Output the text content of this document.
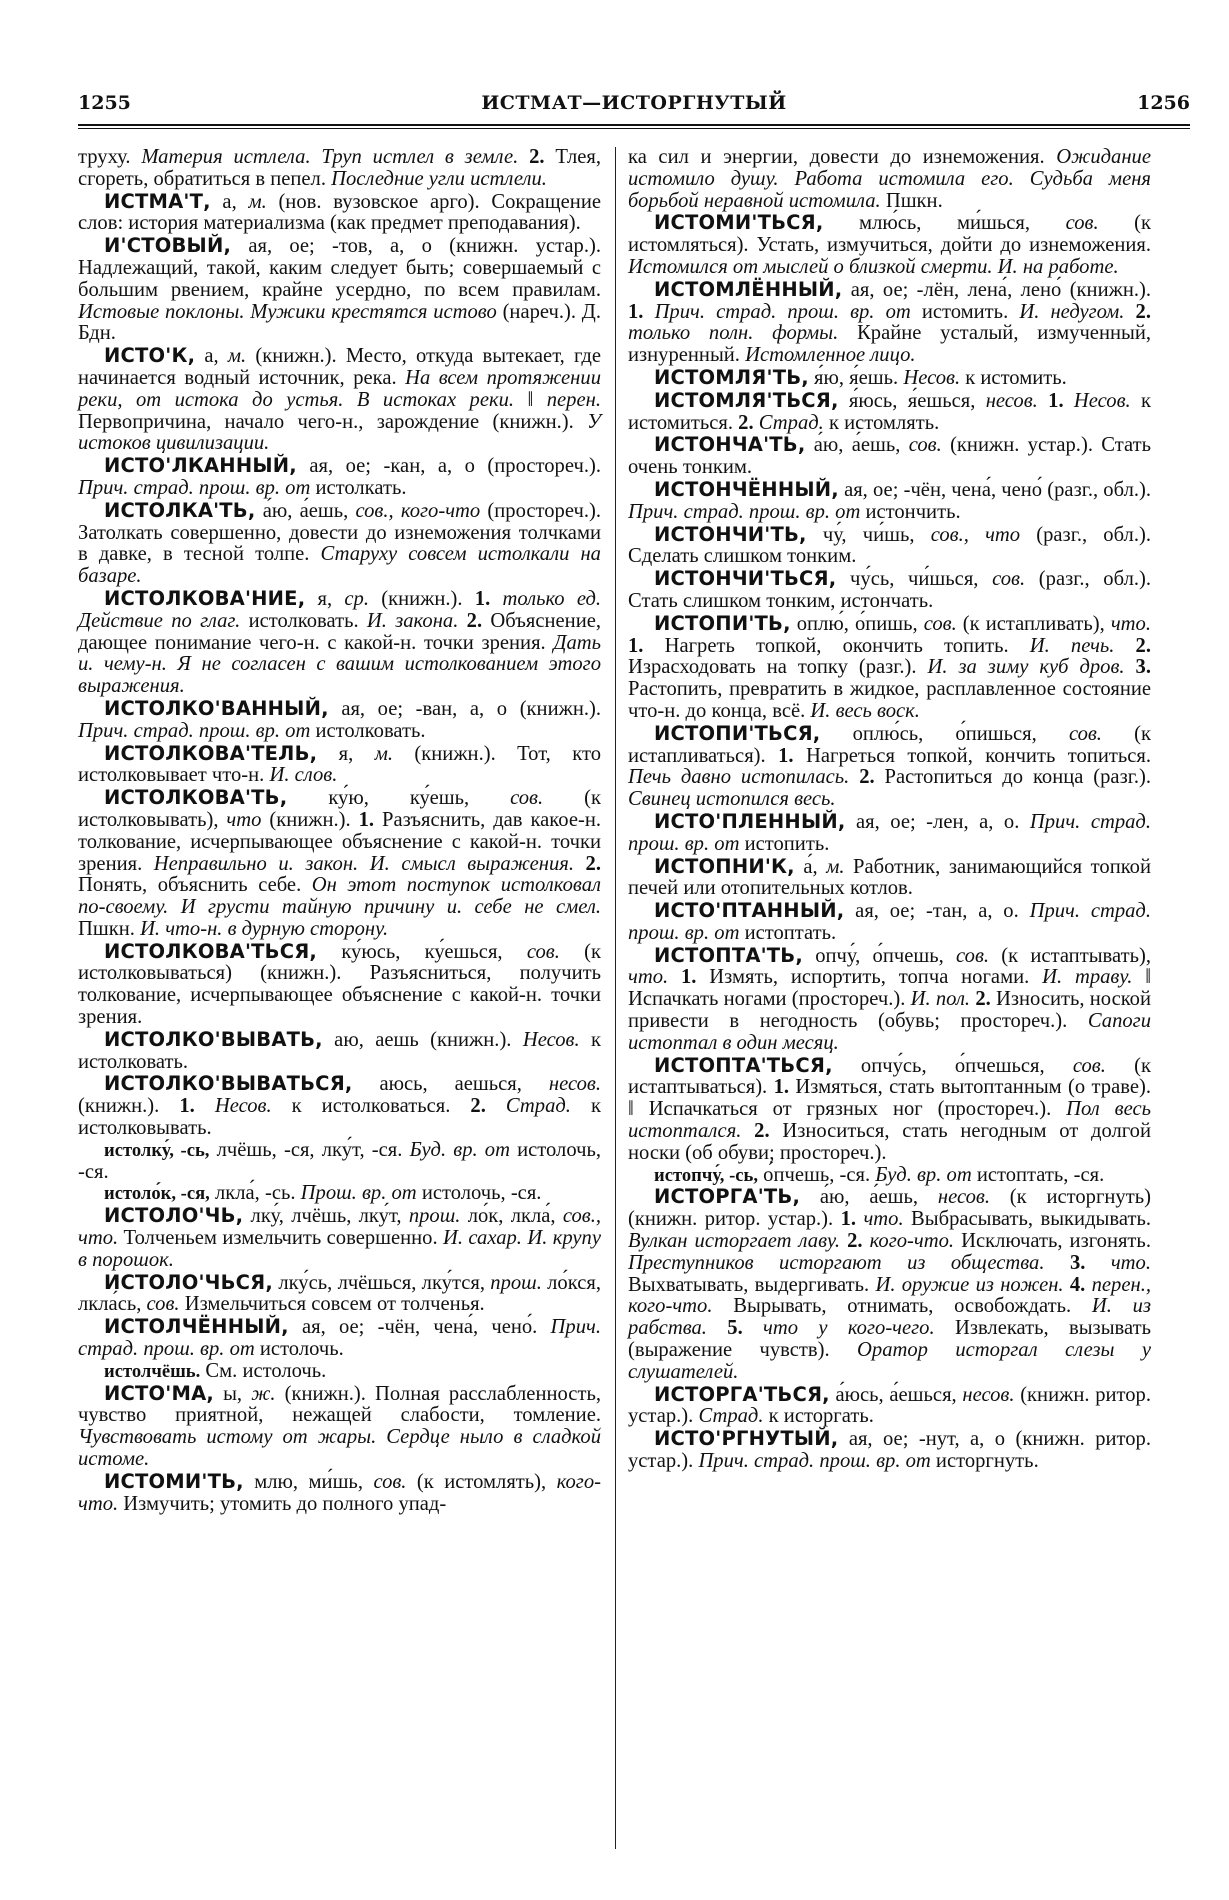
1255	ИСТМАТ—ИСТОРГНУТЫЙ	1256

труху. Материя истлела. Труп истлел в земле. 2. Тлея, сгореть, обратиться в пепел. Последние угли истлели.

ИСТМА'Т, а, м. (нов. вузовское арго). Сокращение слов: история материализма (как предмет преподавания).

И'СТОВЫЙ, ая, ое; -тов, а, о (книжн. устар.). Надлежащий, такой, каким следует быть; совершаемый с большим рвением, крайне усердно, по всем правилам. Истовые поклоны. Мужики крестятся истово (нареч.). Д. Бдн.

ИСТО'К, а, м. (книжн.). Место, откуда вытекает, где начинается водный источник, река. На всем протяжении реки, от истока до устья. В истоках реки. ‖ перен. Первопричина, начало чего-н., зарождение (книжн.). У истоков цивилизации.

ИСТО'ЛКАННЫЙ, ая, ое; -кан, а, о (простореч.). Прич. страд. прош. вр. от истолкать.

ИСТОЛКА'ТЬ, а́ю, а́ешь, сов., кого-что (простореч.). Затолкать совершенно, довести до изнеможения толчками в давке, в тесной толпе. Старуху совсем истолкали на базаре.

ИСТОЛКОВА'НИЕ, я, ср. (книжн.). 1. только ед. Действие по глаг. истолковать. И. закона. 2. Объяснение, дающее понимание чего-н. с какой-н. точки зрения. Дать и. чему-н. Я не согласен с вашим истолкованием этого выражения.

ИСТОЛКО'ВАННЫЙ, ая, ое; -ван, а, о (книжн.). Прич. страд. прош. вр. от истолковать.

ИСТОЛКОВА'ТЕЛЬ, я, м. (книжн.). Тот, кто истолковывает что-н. И. слов.

ИСТОЛКОВА'ТЬ, ку́ю, ку́ешь, сов. (к истолковывать), что (книжн.). 1. Разъяснить, дав какое-н. толкование, исчерпывающее объяснение с какой-н. точки зрения. Неправильно и. закон. И. смысл выражения. 2. Понять, объяснить себе. Он этот поступок истолковал по-своему. И грусти тайную причину и. себе не смел. Пшкн. И. что-н. в дурную сторону.

ИСТОЛКОВА'ТЬСЯ, ку́юсь, ку́ешься, сов. (к истолковываться) (книжн.). Разъясниться, получить толкование, исчерпывающее объяснение с какой-н. точки зрения.

ИСТОЛКО'ВЫВАТЬ, аю, аешь (книжн.). Несов. к истолковать.

ИСТОЛКО'ВЫВАТЬСЯ, аюсь, аешься, несов. (книжн.). 1. Несов. к истолковаться. 2. Страд. к истолковывать.

истолку́, -сь, лчёшь, -ся, лку́т, -ся. Буд. вр. от истолочь, -ся.

истоло́к, -ся, лкла́, -сь. Прош. вр. от истолочь, -ся.

ИСТОЛО'ЧЬ, лку́, лчёшь, лку́т, прош. ло́к, лкла́, сов., что. Толченьем измельчить совершенно. И. сахар. И. крупу в порошок.

ИСТОЛО'ЧЬСЯ, лку́сь, лчёшься, лку́тся, прош. ло́кся, лкла́сь, сов. Измельчиться совсем от толченья.

ИСТОЛЧЁННЫЙ, ая, ое; -чён, чена́, чено́. Прич. страд. прош. вр. от истолочь.

истолчёшь. См. истолочь.

ИСТО'МА, ы, ж. (книжн.). Полная расслабленность, чувство приятной, нежащей слабости, томление. Чувствовать истому от жары. Сердце ныло в сладкой истоме.

ИСТОМИ'ТЬ, млю, ми́шь, сов. (к истомлять), кого-что. Измучить; утомить до полного упад-

ка сил и энергии, довести до изнеможения. Ожидание истомило душу. Работа истомила его. Судьба меня борьбой неравной истомила. Пшкн.

ИСТОМИ'ТЬСЯ, млю́сь, ми́шься, сов. (к истомляться). Устать, измучиться, дойти до изнеможения. Истомился от мыслей о близкой смерти. И. на работе.

ИСТОМЛЁННЫЙ, ая, ое; -лён, лена́, лено́ (книжн.). 1. Прич. страд. прош. вр. от истомить. И. недугом. 2. только полн. формы. Крайне усталый, измученный, изнуренный. Истомленное лицо.

ИСТОМЛЯ'ТЬ, я́ю, я́ешь. Несов. к истомить.

ИСТОМЛЯ'ТЬСЯ, я́юсь, я́ешься, несов. 1. Несов. к истомиться. 2. Страд. к истомлять.

ИСТОНЧА'ТЬ, а́ю, а́ешь, сов. (книжн. устар.). Стать очень тонким.

ИСТОНЧЁННЫЙ, ая, ое; -чён, чена́, чено́ (разг., обл.). Прич. страд. прош. вр. от истончить.

ИСТОНЧИ'ТЬ, чу́, чи́шь, сов., что (разг., обл.). Сделать слишком тонким.

ИСТОНЧИ'ТЬСЯ, чу́сь, чи́шься, сов. (разг., обл.). Стать слишком тонким, истончать.

ИСТОПИ'ТЬ, оплю́, о́пишь, сов. (к истапливать), что. 1. Нагреть топкой, окончить топить. И. печь. 2. Израсходовать на топку (разг.). И. за зиму куб дров. 3. Растопить, превратить в жидкое, расплавленное состояние что-н. до конца, всё. И. весь воск.

ИСТОПИ'ТЬСЯ, оплю́сь, о́пишься, сов. (к истапливаться). 1. Нагреться топкой, кончить топиться. Печь давно истопилась. 2. Растопиться до конца (разг.). Свинец истопился весь.

ИСТО'ПЛЕННЫЙ, ая, ое; -лен, а, о. Прич. страд. прош. вр. от истопить.

ИСТОПНИ'К, а́, м. Работник, занимающийся топкой печей или отопительных котлов.

ИСТО'ПТАННЫЙ, ая, ое; -тан, а, о. Прич. страд. прош. вр. от истоптать.

ИСТОПТА'ТЬ, опчу́, о́пчешь, сов. (к истаптывать), что. 1. Измять, испортить, топча ногами. И. траву. ‖ Испачкать ногами (простореч.). И. пол. 2. Износить, ноской привести в негодность (обувь; простореч.). Сапоги истоптал в один месяц.

ИСТОПТА'ТЬСЯ, опчу́сь, о́пчешься, сов. (к истаптываться). 1. Измяться, стать вытоптанным (о траве). ‖ Испачкаться от грязных ног (простореч.). Пол весь истоптался. 2. Износиться, стать негодным от долгой носки (об обуви; простореч.).

истопчу́, -сь, о́пчешь, -ся. Буд. вр. от истоптать, -ся.

ИСТОРГА'ТЬ, а́ю, а́ешь, несов. (к исторгнуть) (книжн. ритор. устар.). 1. что. Выбрасывать, выкидывать. Вулкан исторгает лаву. 2. кого-что. Исключать, изгонять. Преступников исторгают из общества. 3. что. Выхватывать, выдергивать. И. оружие из ножен. 4. перен., кого-что. Вырывать, отнимать, освобождать. И. из рабства. 5. что у кого-чего. Извлекать, вызывать (выражение чувств). Оратор исторгал слезы у слушателей.

ИСТОРГА'ТЬСЯ, а́юсь, а́ешься, несов. (книжн. ритор. устар.). Страд. к исторгать.

ИСТО'РГНУТЫЙ, ая, ое; -нут, а, о (книжн. ритор. устар.). Прич. страд. прош. вр. от исторгнуть.
